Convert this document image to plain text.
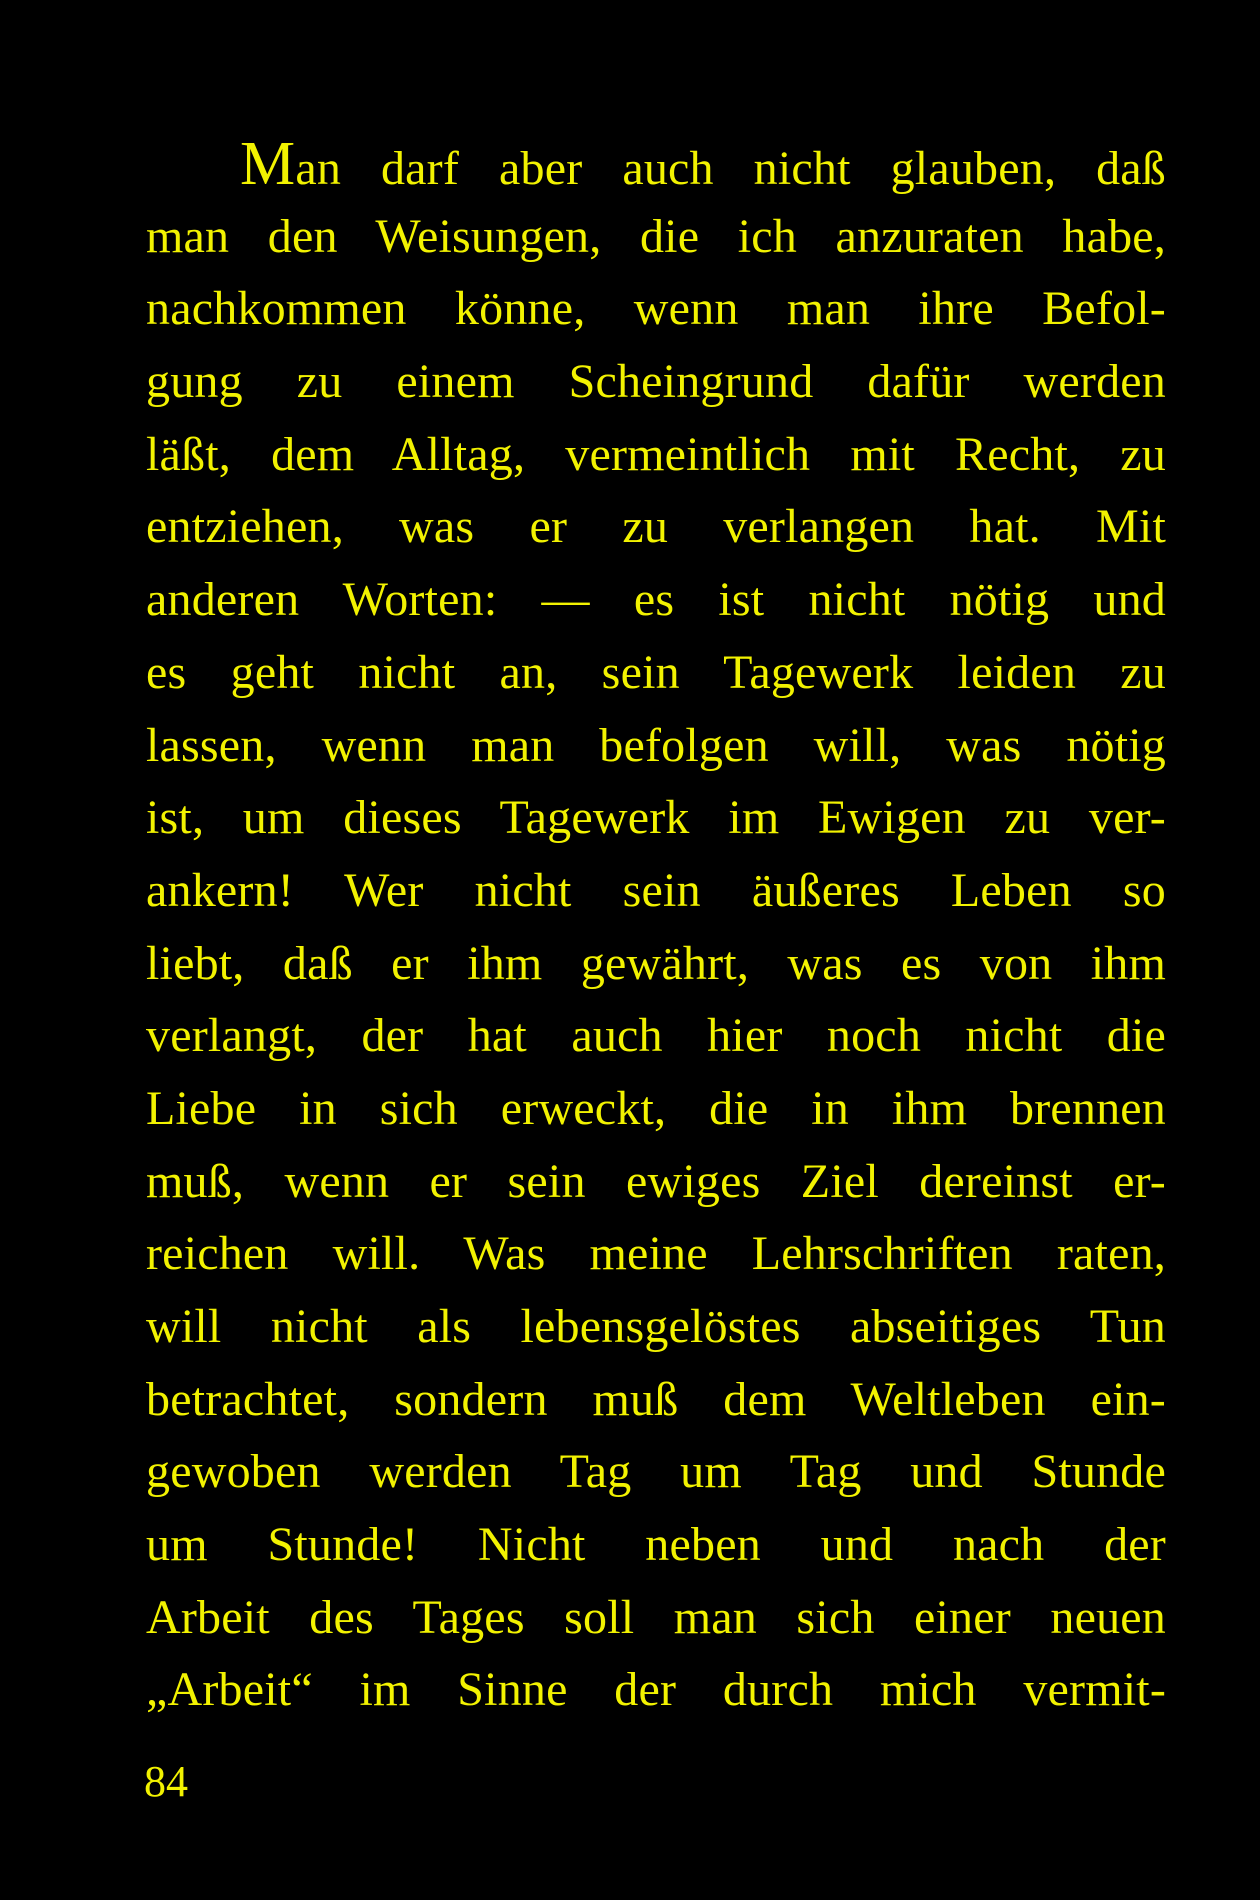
Man darf aber auch nicht glauben, daß
man den Weisungen, die ich anzuraten habe,
nachkommen könne, wenn man ihre Befol-
gung zu einem Scheingrund dafür werden
läßt, dem Alltag, vermeintlich mit Recht, zu
entziehen, was er zu verlangen hat. Mit
anderen Worten: — es ist nicht nötig und
es geht nicht an, sein Tagewerk leiden zu
lassen, wenn man befolgen will, was nötig
ist, um dieses Tagewerk im Ewigen zu ver-
ankern! Wer nicht sein äußeres Leben so
liebt, daß er ihm gewährt, was es von ihm
verlangt, der hat auch hier noch nicht die
Liebe in sich erweckt, die in ihm brennen
muß, wenn er sein ewiges Ziel dereinst er-
reichen will. Was meine Lehrschriften raten,
will nicht als lebensgelöstes abseitiges Tun
betrachtet, sondern muß dem Weltleben ein-
gewoben werden Tag um Tag und Stunde
um Stunde! Nicht neben und nach der
Arbeit des Tages soll man sich einer neuen
„Arbeit“ im Sinne der durch mich vermit-
84
